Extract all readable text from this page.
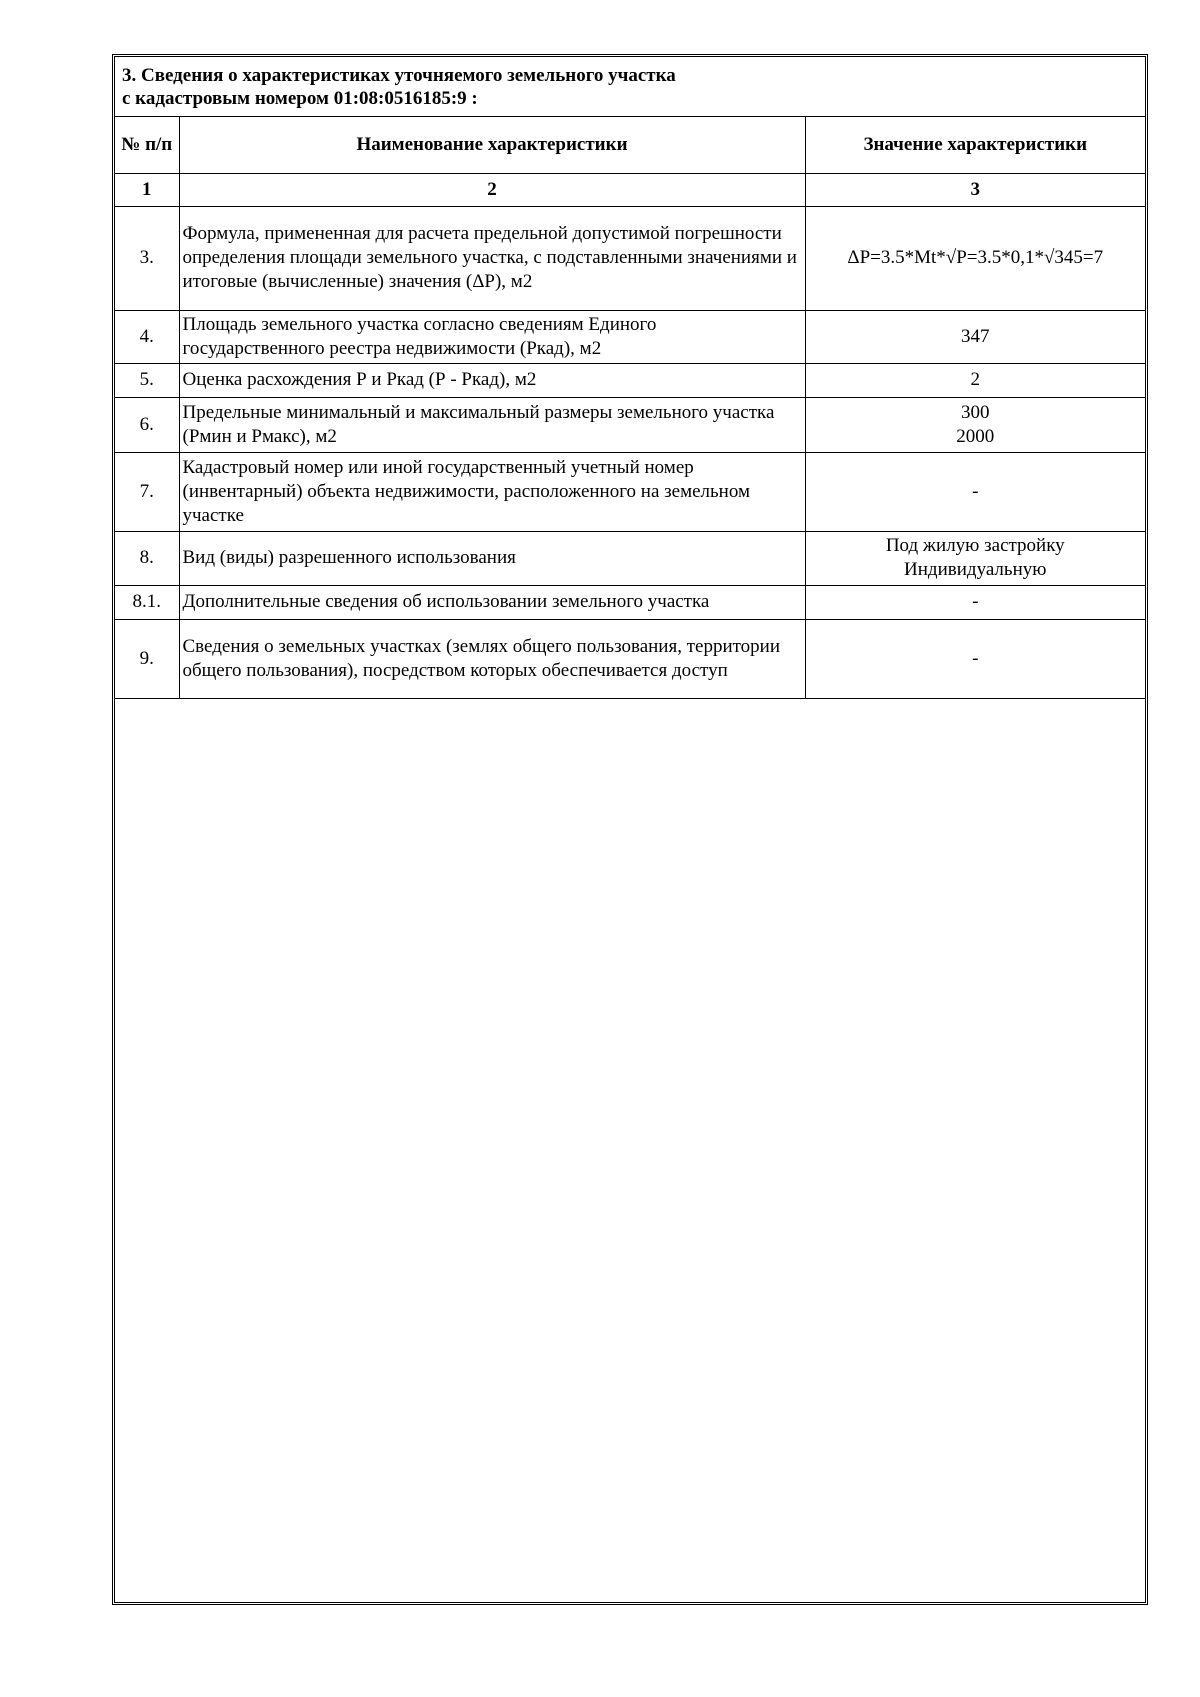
3. Сведения о характеристиках уточняемого земельного участка
с кадастровым номером 01:08:0516185:9 :
№ п/п	Наименование характеристики	Значение характеристики
1	2	3
3.	Формула, примененная для расчета предельной допустимой погрешности определения площади земельного участка, с подставленными значениями и итоговые (вычисленные) значения (ΔP), м2	ΔP=3.5*Mt*√P=3.5*0,1*√345=7

4.	Площадь земельного участка согласно сведениям Единого государственного реестра недвижимости (Ркад), м2	347

5.	Оценка расхождения Р и Ркад (Р - Ркад), м2	2

6.	Предельные минимальный и максимальный размеры земельного участка (Рмин и Рмакс), м2	300
2000

7.	Кадастровый номер или иной государственный учетный номер (инвентарный) объекта недвижимости, расположенного на земельном участке	-

8.	Вид (виды) разрешенного использования	Под жилую застройку
Индивидуальную

8.1.	Дополнительные сведения об использовании земельного участка	-

9.	Сведения о земельных участках (землях общего пользования, территории общего пользования), посредством которых обеспечивается доступ	-
